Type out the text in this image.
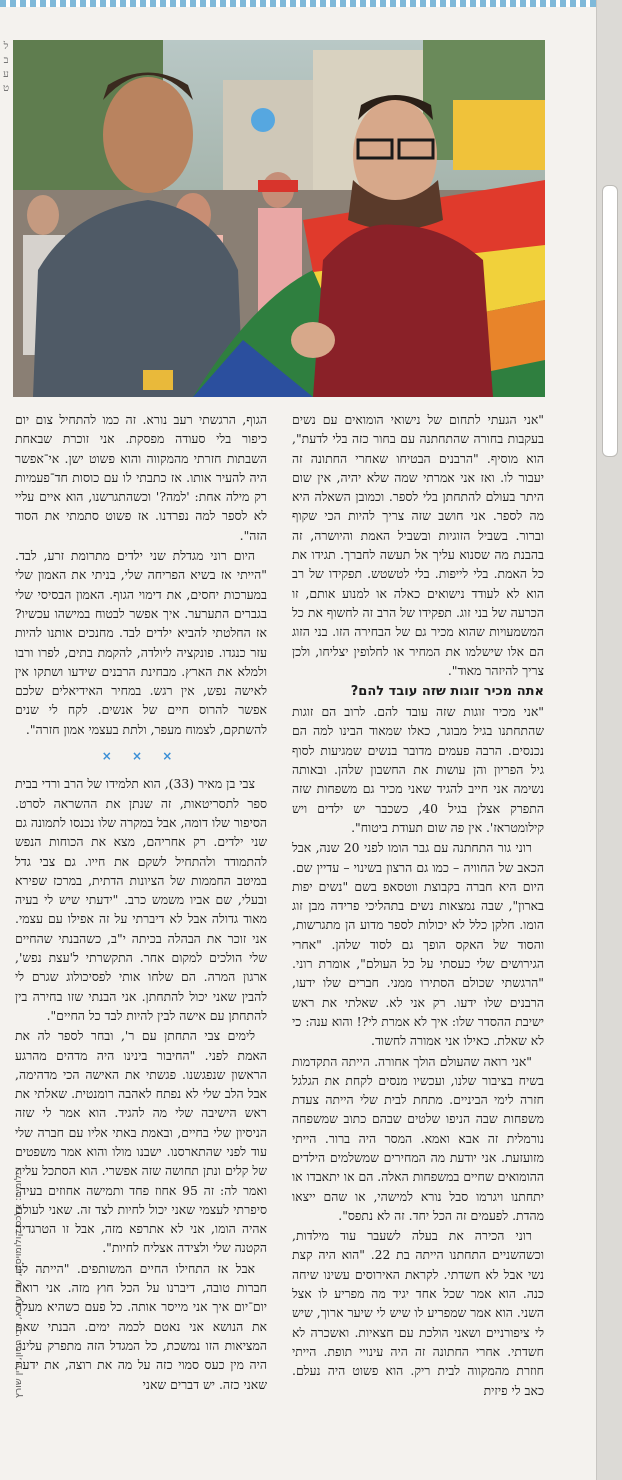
ל
ב
ע
ט

"אני הגעתי לתחום של נישואי הומואים עם נשים בעקבות בחורה שהתחתנה עם בחור כזה בלי לדעת", הוא מוסיף. "הרבנים הבטיחו שאחרי החתונה זה יעבור לו. ואז אני אמרתי שמה שלא יהיה, אין שום היתר בעולם להתחתן בלי לספר. וכמובן השאלה היא מה לספר. אני חושב שזה צריך להיות הכי שקוף וברור. בשביל הזוגיות ובשביל האמת והיושרה, זה בהבנת מה שסנוא עליך אל תעשה לחברך. תגידו את כל האמת. בלי לייפות. בלי לטשטש. תפקידו של רב הוא לא לעודד נישואים כאלה או למנוע אותם, זו הכרעה של בני זוג. תפקידו של הרב זה לחשוף את כל המשמעויות שהוא מכיר גם של הבחירה הזו. בני הזוג הם אלו שישלמו את המחיר או לחלופין יצליחו, ולכן צריך להיזהר מאוד".

אתה מכיר זוגות שזה עובד להם?

"אני מכיר זוגות שזה עובד להם. לרוב הם זוגות שהתחתנו בגיל מבוגר, כאלו שמאוד הבינו למה הם נכנסים. הרבה פעמים מדובר בנשים שמגיעות לסוף גיל הפריון והן עושות את החשבון שלהן. ובאותה נשימה אני חייב להגיד שאני מכיר גם משפחות שזה התפרק אצלן בגיל 40, כשכבר יש ילדים ויש קילומטראז'. אין פה שום תעודת ביטוח".

רוני גור התחתנה עם גבר הומו לפני 20 שנה, אבל הכאב של החוויה – כמו גם הרצון בשינוי – עדיין שם. היום היא חברה בקבוצת ווטסאפ בשם "נשים יפות בארון", שבה נמצאות נשים בתהליכי פרידה מבן זוג הומו. חלקן כלל לא יכולות לספר מדוע הן מתגרשות, והסוד של האקס הופך גם לסוד שלהן. "אחרי הגירושים שלי כעסתי על כל העולם", אומרת רוני. "הרגשתי שכולם הסתירו ממני. חברים שלו ידעו, הרבנים שלו ידעו. רק אני לא. שאלתי את ראש ישיבת ההסדר שלו: איך לא אמרת לי?! והוא ענה: כי לא שאלת. כאילו אני אמורה לחשוד.

"אני רואה שהעולם הולך אחורה. הייתה התקדמות בשיח בציבור שלנו, ועכשיו מנסים לקחת את הגלגל חזרה לימי הביניים. מתחת לבית שלי הייתה צעדת משפחות שבה הניפו שלטים שבהם כתוב שמשפחה נורמלית זה אבא ואמא. המסר היה ברור. הייתי מזועזעת. אני יודעת מה המחירים שמשלמים הילדים ההומואים שחיים במשפחות האלה. הם או יתאבדו או יתחתנו ויגרמו סבל נורא למישהי, או שהם ייצאו מהדת. לפעמים זה הכל יחד. זה לא נתפס".

רוני הכירה את בעלה לשעבר עוד מילדות, וכשהשניים התחתנו הייתה בת 22. "הוא היה קצת נשי אבל לא חשדתי. לקראת האירוסים עשינו שיחה כנה. הוא אמר שכל אחד יגיד מה מפריע לו אצל השני. הוא אמר שמפריע לו שיש לי שיער ארוך, שיש לי ציפורניים ושאני הולכת עם חצאיות. ואשכרה לא חשדתי. אחרי החתונה זה היה עינויי תופת. הייתי חוזרת מהמקווה לבית ריק. הוא פשוט היה נעלם. כאב לי פיזית

הגוף, הרגשתי רעב נורא. זה כמו להתחיל צום יום כיפור בלי סעודה מפסקת. אני זוכרת שבאחת השבתות חזרתי מהמקווה והוא פשוט ישן. אי־אפשר היה להעיר אותו. אז כתבתי לו עם כוסות חד־פעמיות רק מילה אחת: 'למה?' וכשהתגרשנו, הוא איים עליי לא לספר למה נפרדנו. אז פשוט סתמתי את הסוד הזה".

היום רוני מגדלת שני ילדים מתרומת זרע, לבד. "הייתי אז בשיא הפריחה שלי, בניתי את האמון שלי במערכות יחסים, את דימוי הגוף. האמון הבסיסי שלי בגברים התערער. איך אפשר לבטוח במישהו עכשיו? אז החלטתי להביא ילדים לבד. מחנכים אותנו להיות עזר כנגדו. פונקציה ליולדה, להקמת בתים, לפרו ורבו ולמלא את הארץ. מבחינת הרבנים שידעו ושתקו אין לאישה נפש, אין רגש. במחיר האידיאלים שלכם אפשר להרוס חיים של אנשים. לקח לי שנים להשתקם, לצמוח מעפר, ולתת בעצמי אמון חזרה".

× × ×

צבי בן מאיר (33), הוא תלמידו של הרב ורדי בבית ספר לתסריטאות, זה שנתן את ההשראה לסרט. הסיפור שלו דומה, אבל במקרה שלו נכנסו לתמונה גם שני ילדים. רק אחריהם, מצא את הכוחות הנפש להתמודד ולהתחיל לשקם את חייו. גם צבי גדל במיטב החממות של הציונות הדתית, במרכז שפירא ובעלי, שם אביו משמש כרב. "ידעתי שיש לי בעיה מאוד גדולה אבל לא דיברתי על זה אפילו עם עצמי. אני זוכר את הבהלה בכיתה י"ב, כשהבנתי שהחיים שלי הולכים למקום אחר. התקשרתי ל'עצת נפש', ארגון המרה. הם שלחו אותי לפסיכולוג שגרם לי להבין שאני יכול להתחתן. אני הבנתי שזו בחירה בין להתחתן עם אישה לבין להיות לבד כל החיים".

לימים צבי התחתן עם ר', ובחר לספר לה את האמת לפני. "החיבור בינינו היה מדהים מהרגע הראשון שנפגשנו. פגשתי את האישה הכי מדהימה, אבל הלב שלי לא נפתח לאהבה רומנטית. שאלתי את ראש הישיבה שלי מה להגיד. הוא אמר לי שזה הניסיון שלי בחיים, ובאמת באתי אליו עם חברה שלי עוד לפני שהתארסנו. ישבנו מולו והוא אמר משפטים של קלים ונתן תחושה שזה אפשרי. הוא הסתכל עליה ואמר לה: זה 95 אחוז פחד ותמישה אחוזים בעיה. סיפרתי לעצמי שאני יכול לחיות לצד זה. שאני לעולם אהיה הומו, אני לא אתרפא מזה, אבל זו הטרגדיה הקטנה שלי ולצידה אצליח לחיות".

אבל אז התחילו החיים המשותפים. "הייתה לנו חברות טובה, דיברנו על הכל חוץ מזה. אני רואה יום־יום איך אני מייסר אותה. כל פעם כשהיא מעלה את הנושא אני נאטם לכמה ימים. הבנתי שאם המציאות הזו נמשכת, כל המגדל הזה מתפרק עלינו. היה מין כעס סמוי כזה על מה את רוצה, את ידעת שאני כזה. יש דברים שאני

צילומים: אלכס קולומויסקי, עדי עזרא, אבי חסון, ירין שורץ
